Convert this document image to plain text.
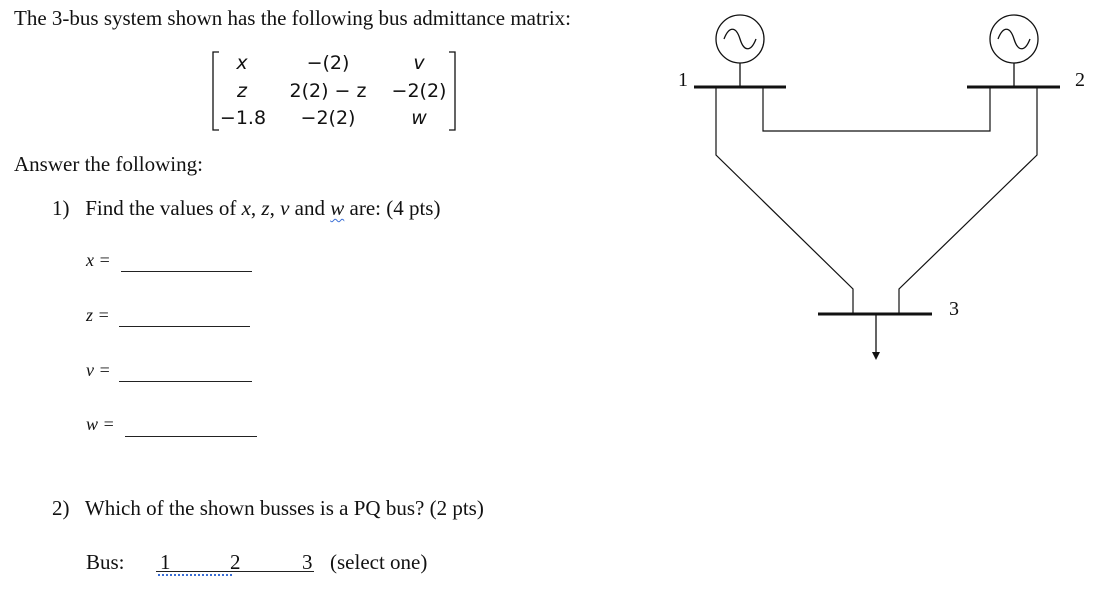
The 3-bus system shown has the following bus admittance matrix:
x	−(2)	v
z	2(2) − z	−2(2)
−1.8	−2(2)	w
Answer the following:
1) Find the values of x, z, v and w are: (4 pts)
x =
z =
v =
w =
2) Which of the shown busses is a PQ bus? (2 pts)
Bus: 1	2	3 (select one)
1	2
3
